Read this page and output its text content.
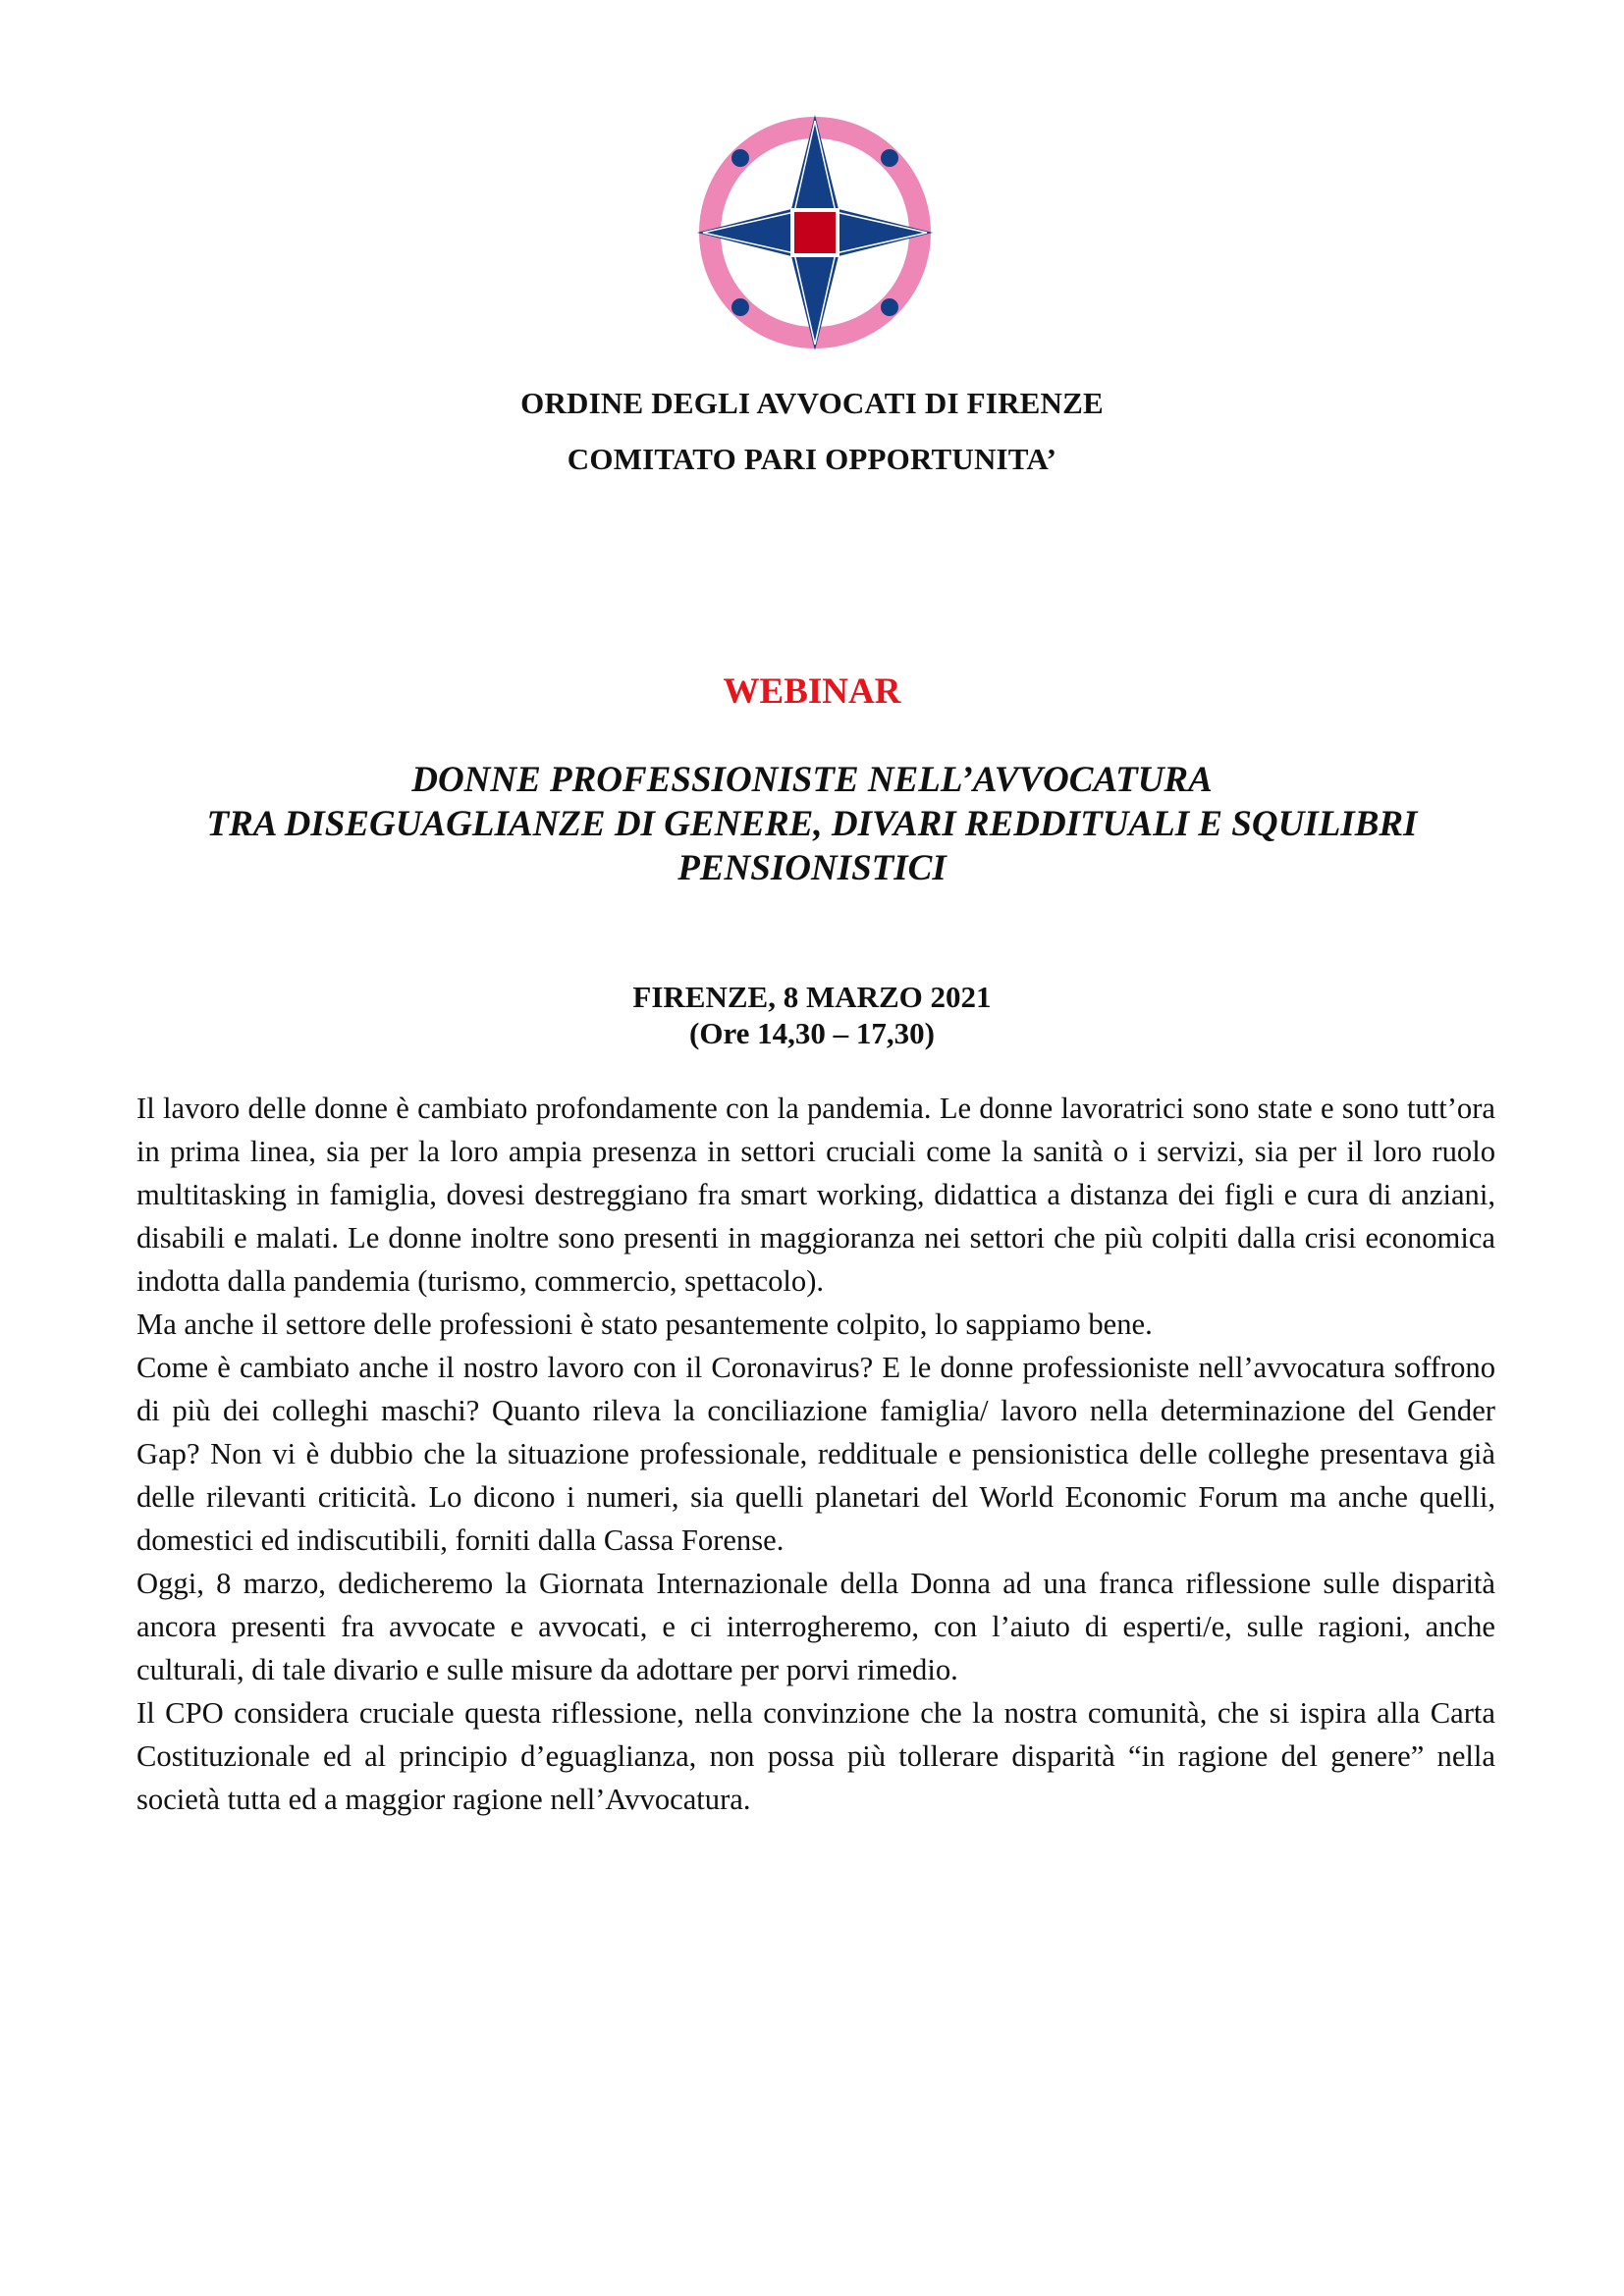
ORDINE DEGLI AVVOCATI DI FIRENZE
COMITATO PARI OPPORTUNITA’
WEBINAR
DONNE PROFESSIONISTE NELL’AVVOCATURA
TRA DISEGUAGLIANZE DI GENERE, DIVARI REDDITUALI E SQUILIBRI
PENSIONISTICI
FIRENZE, 8 MARZO 2021
(Ore 14,30 – 17,30)

Il lavoro delle donne è cambiato profondamente con la pandemia. Le donne lavoratrici sono state e sono tutt’ora in prima linea, sia per la loro ampia presenza in settori cruciali come la sanità o i servizi, sia per il loro ruolo multitasking in famiglia, dovesi destreggiano fra smart working, didattica a distanza dei figli e cura di anziani, disabili e malati. Le donne inoltre sono presenti in maggioranza nei settori che più colpiti dalla crisi economica indotta dalla pandemia (turismo, commercio, spettacolo).

Ma anche il settore delle professioni è stato pesantemente colpito, lo sappiamo bene.

Come è cambiato anche il nostro lavoro con il Coronavirus? E le donne professioniste nell’avvocatura soffrono di più dei colleghi maschi? Quanto rileva la conciliazione famiglia/ lavoro nella determinazione del Gender Gap? Non vi è dubbio che la situazione professionale, reddituale e pensionistica delle colleghe presentava già delle rilevanti criticità. Lo dicono i numeri, sia quelli planetari del World Economic Forum ma anche quelli, domestici ed indiscutibili, forniti dalla Cassa Forense.

Oggi, 8 marzo, dedicheremo la Giornata Internazionale della Donna ad una franca riflessione sulle disparità ancora presenti fra avvocate e avvocati, e ci interrogheremo, con l’aiuto di esperti/e, sulle ragioni, anche culturali, di tale divario e sulle misure da adottare per porvi rimedio.

Il CPO considera cruciale questa riflessione, nella convinzione che la nostra comunità, che si ispira alla Carta Costituzionale ed al principio d’eguaglianza, non possa più tollerare disparità “in ragione del genere” nella società tutta ed a maggior ragione nell’Avvocatura.
